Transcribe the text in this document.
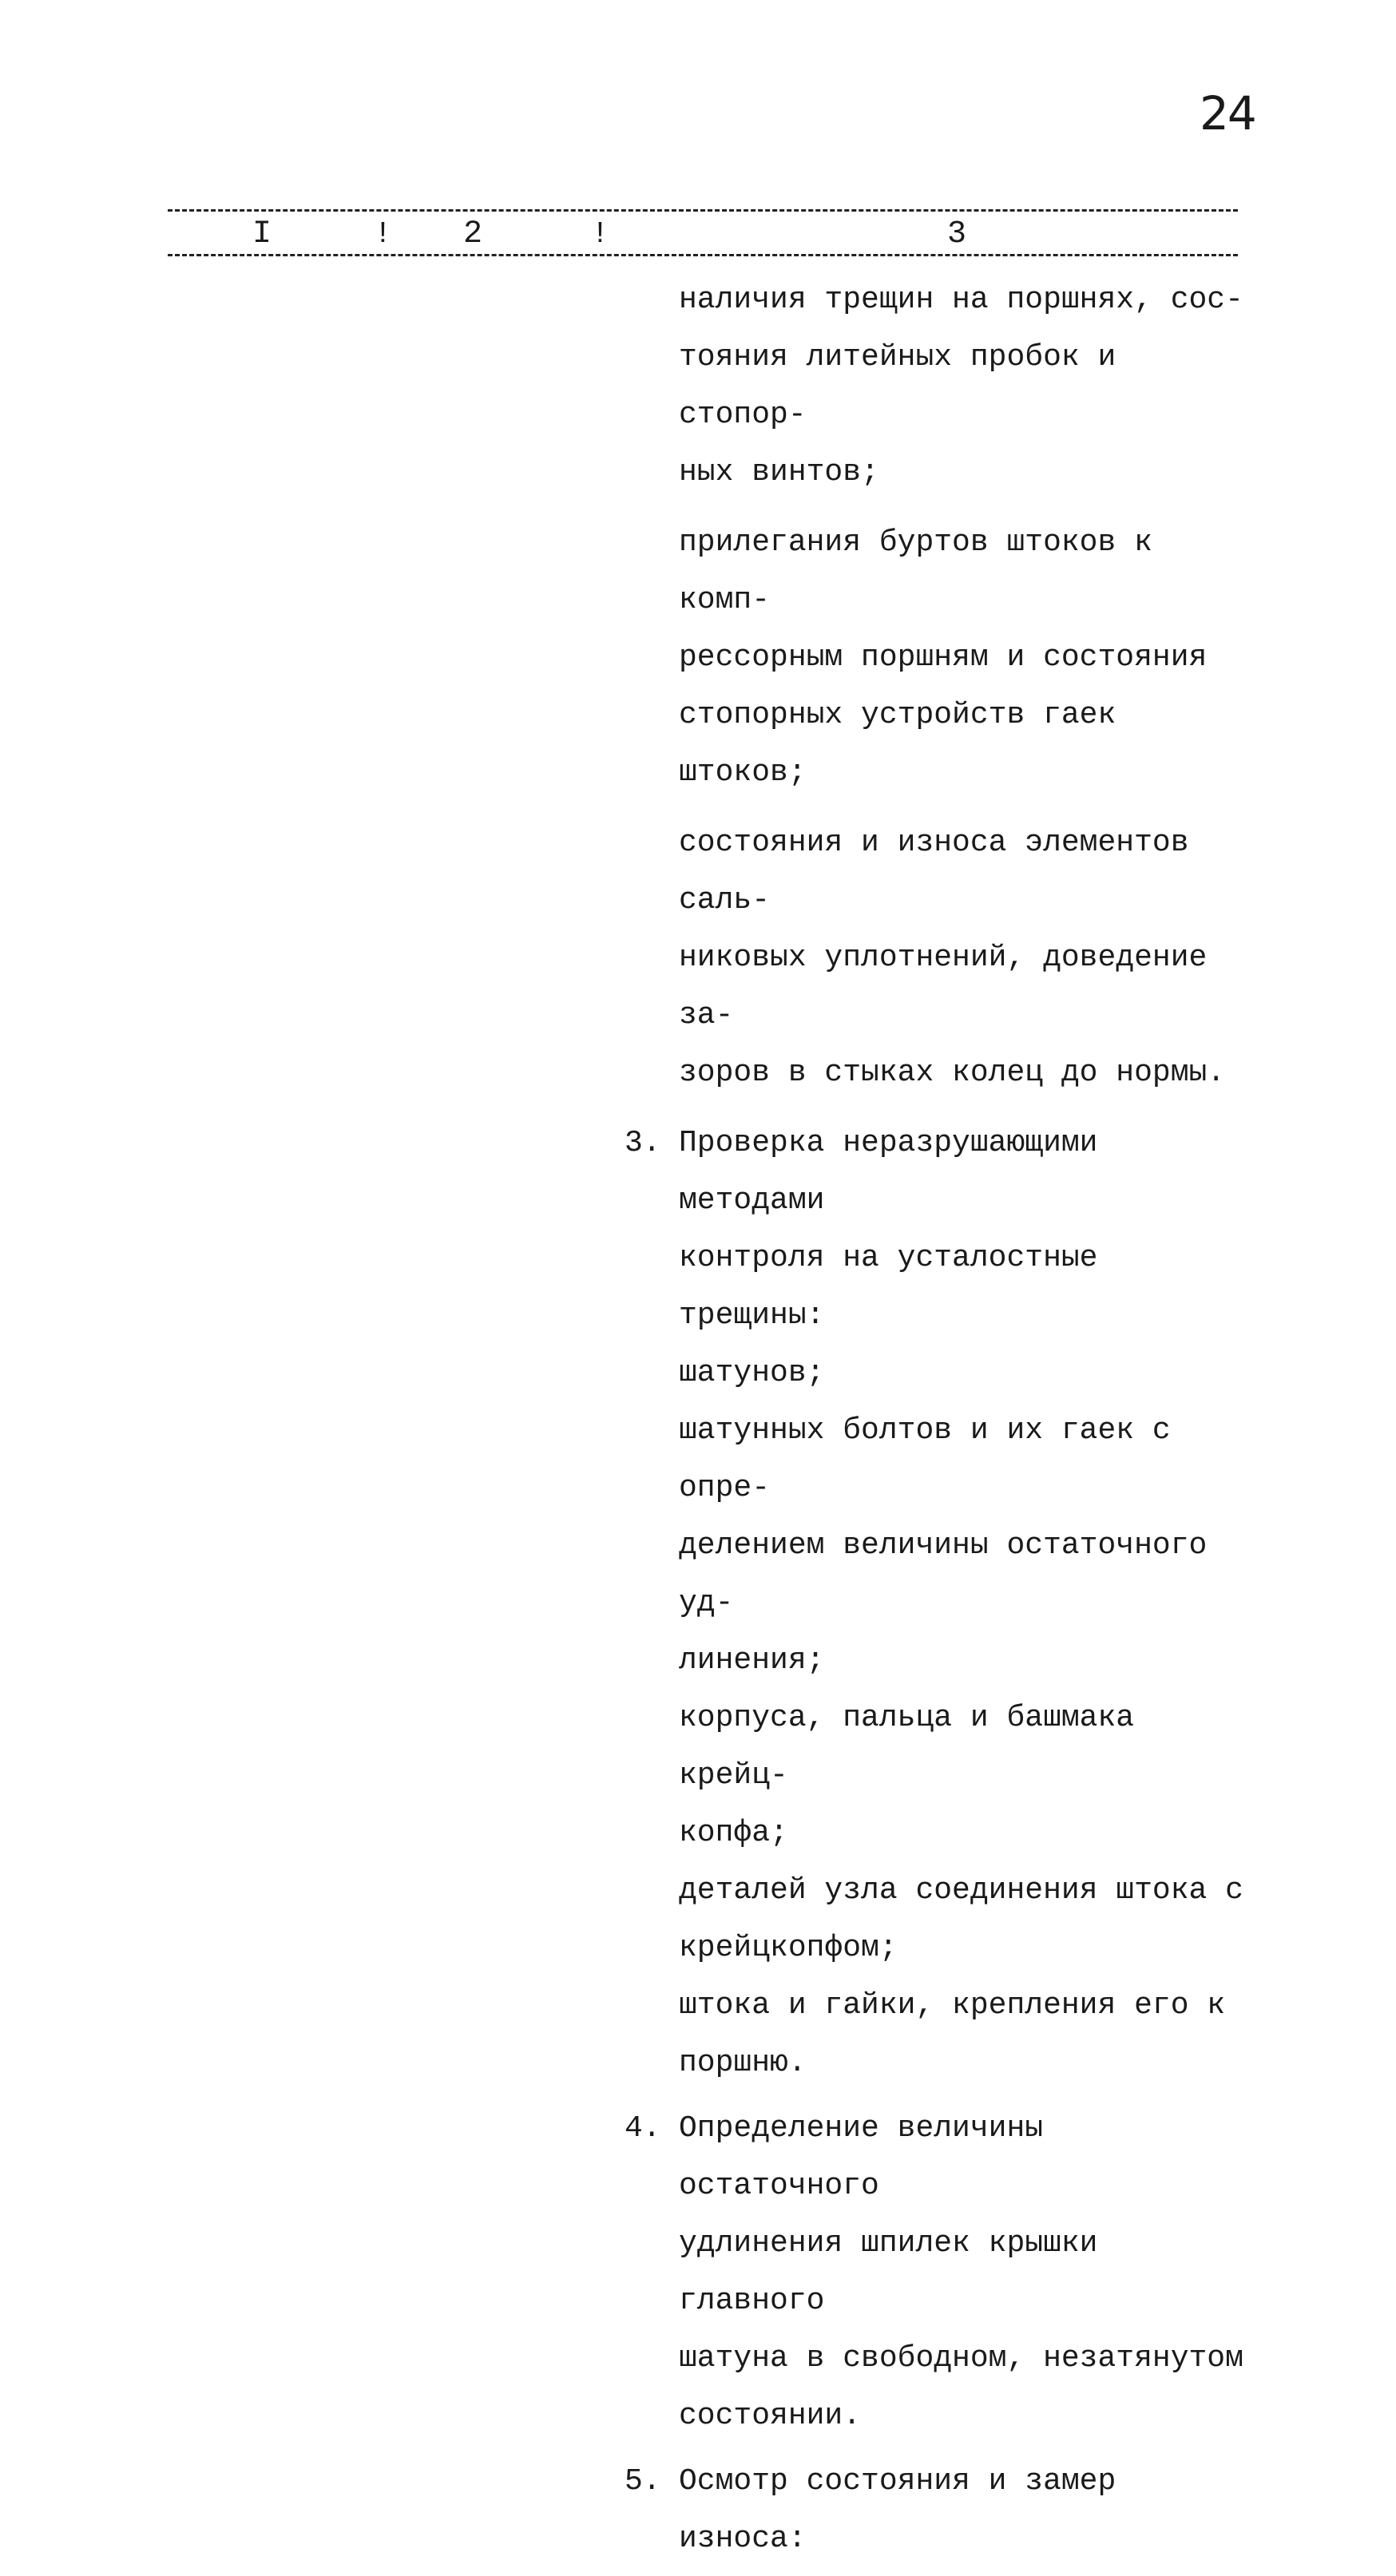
24
I	! 2	!	3

наличия трещин на поршнях, сос-
тояния литейных пробок и стопор-
ных винтов;

прилегания буртов штоков к комп-
рессорным поршням и состояния
стопорных устройств гаек штоков;

состояния и износа элементов саль-
никовых уплотнений, доведение за-
зоров в стыках колец до нормы.

3. Проверка неразрушающими методами
контроля на усталостные трещины:

шатунов;

шатунных болтов и их гаек с опре-
делением величины остаточного уд-
линения;

корпуса, пальца и башмака крейц-
копфа;

деталей узла соединения штока с
крейцкопфом;

штока и гайки, крепления его к
поршню.

4. Определение величины остаточного
удлинения шпилек крышки главного
шатуна в свободном, незатянутом
состоянии.

5. Осмотр состояния и замер износа:
